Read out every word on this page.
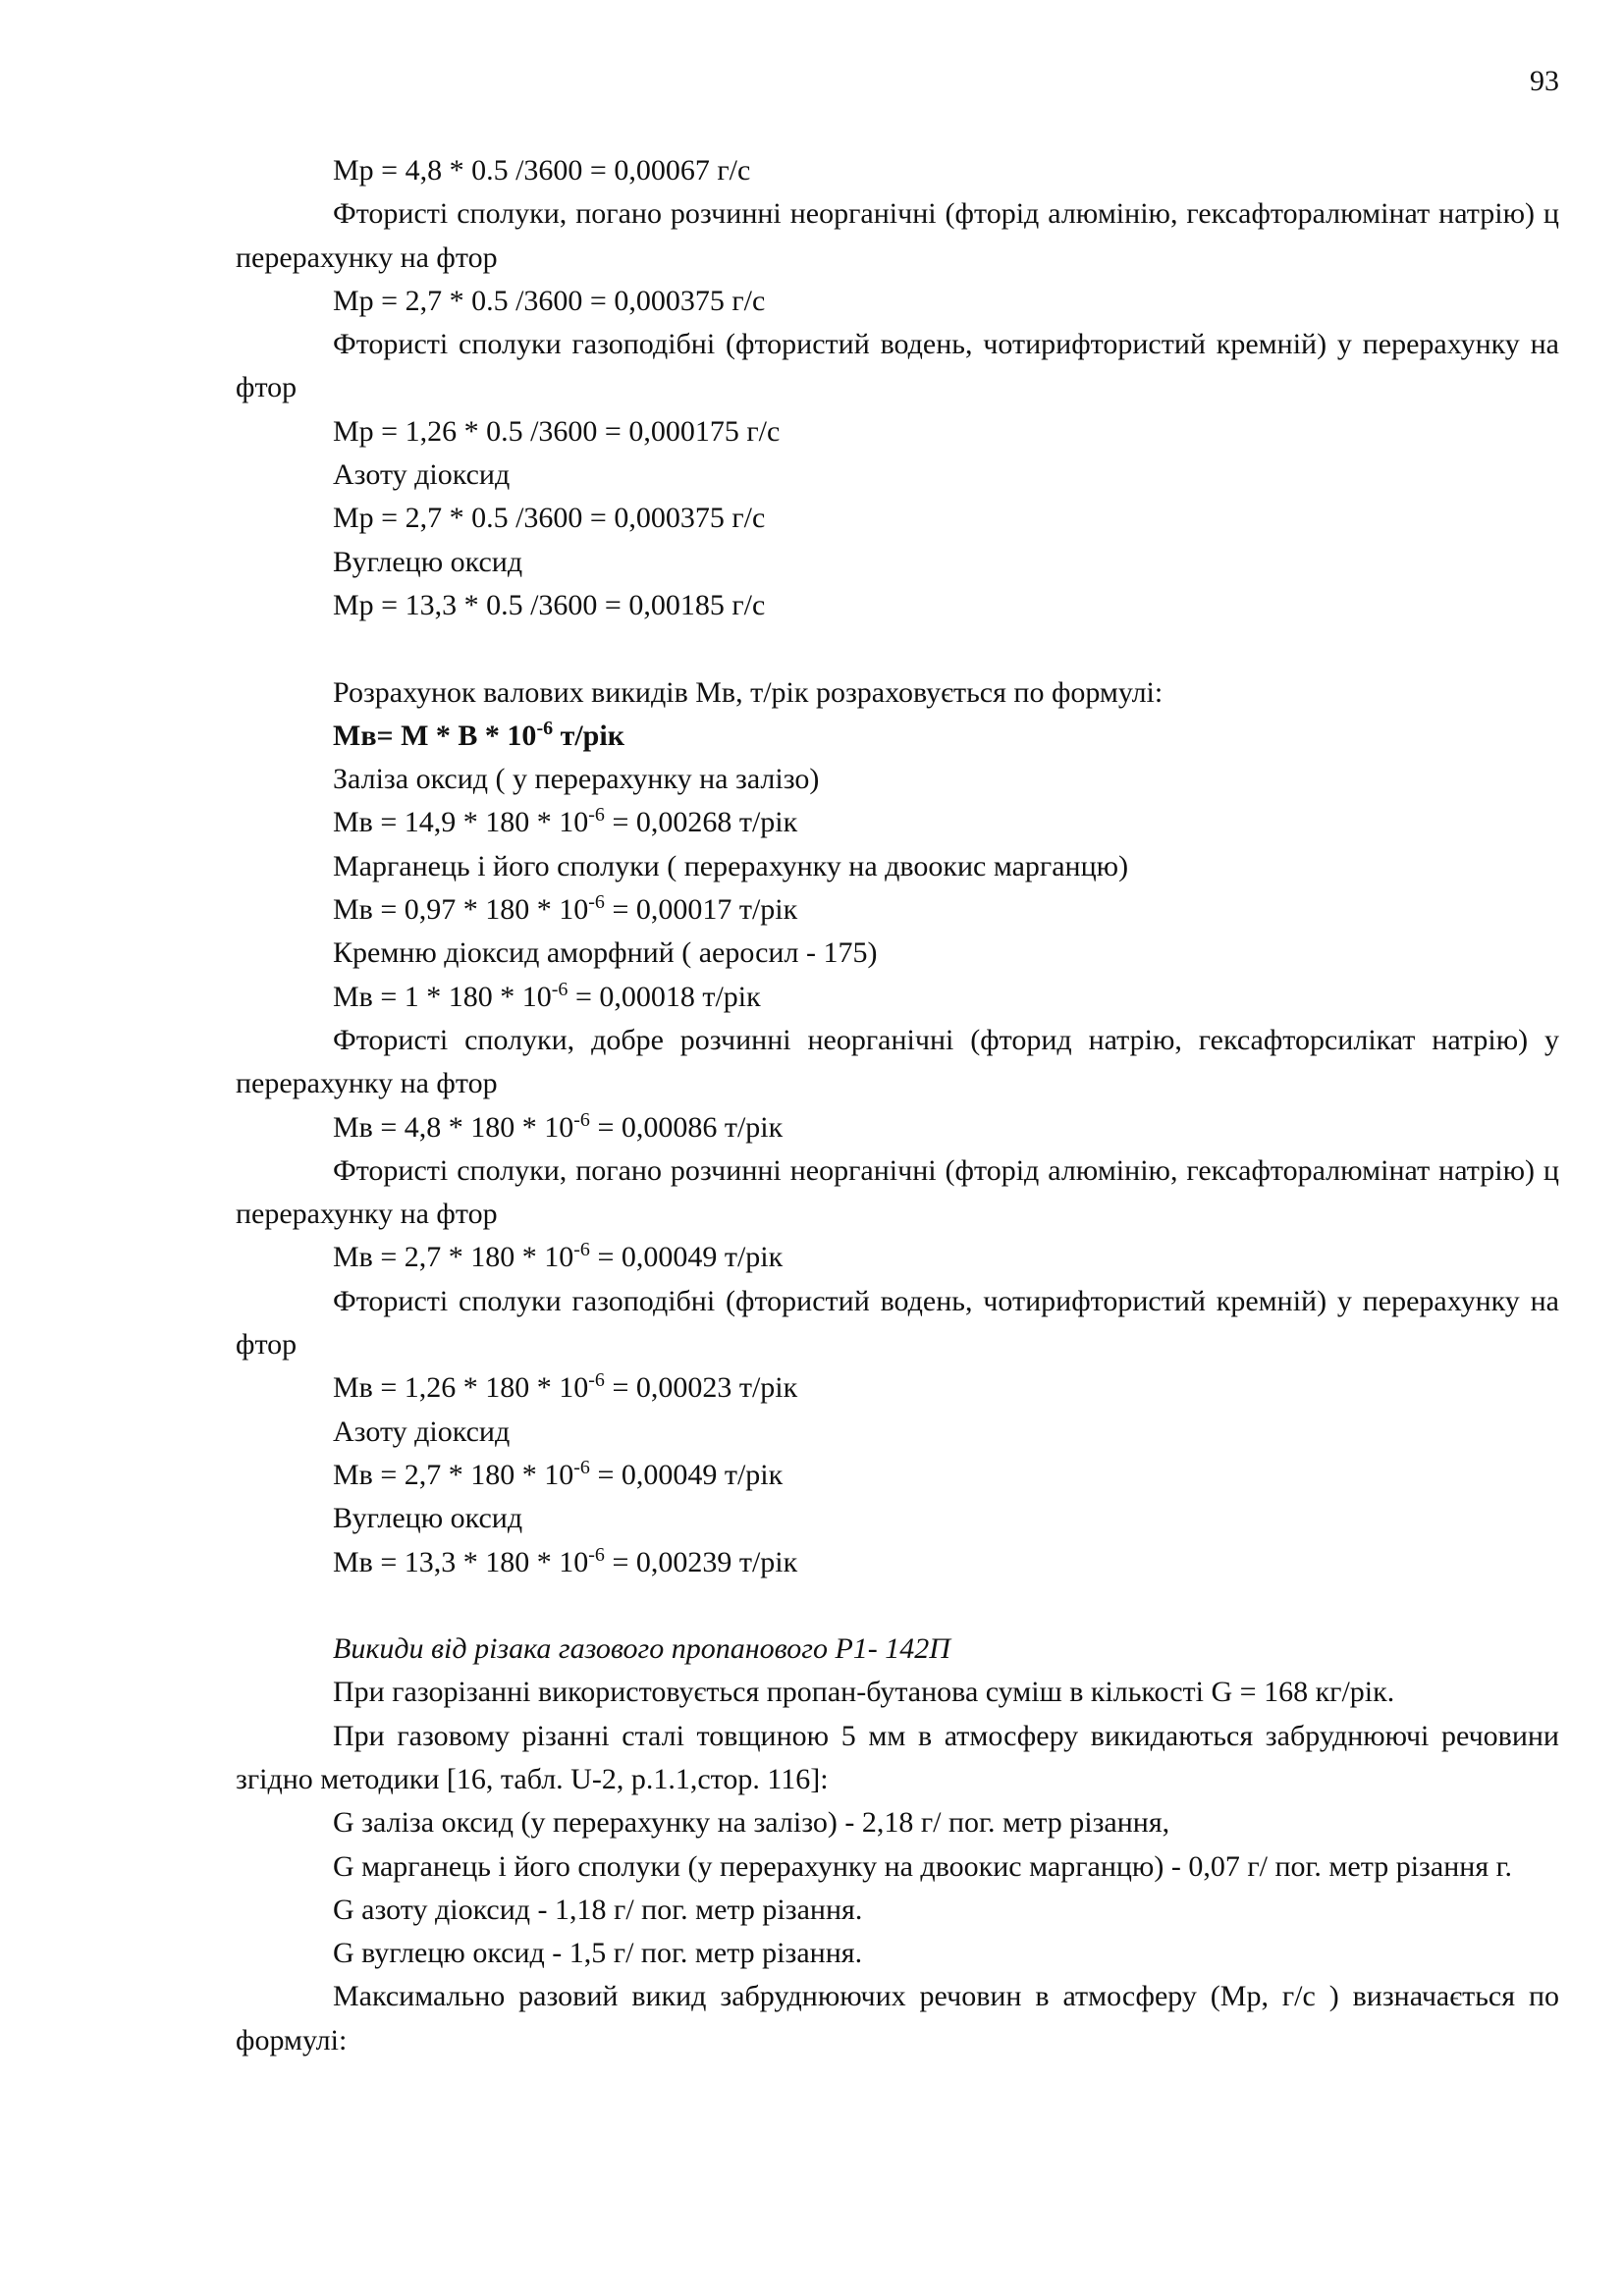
93

Мр = 4,8 * 0.5 /3600 = 0,00067 г/с

Фтористі сполуки, погано розчинні неорганічні (фторід алюмінію, гексафторалюмінат натрію) ц перерахунку на фтор

Мр = 2,7 * 0.5 /3600 = 0,000375 г/с

Фтористі сполуки газоподібні (фтористий водень, чотирифтористий кремній) у перерахунку на фтор

Мр = 1,26 * 0.5 /3600 = 0,000175 г/с

Азоту діоксид

Мр = 2,7 * 0.5 /3600 = 0,000375 г/с

Вуглецю оксид

Мр = 13,3 * 0.5 /3600 = 0,00185 г/с

Розрахунок валових викидів Мв, т/рік розраховується по формулі:

$Мв= М * В * 10^{-6}$ т/рік

Заліза оксид ( у перерахунку на залізо)

Мв = $14,9 * 180 * 10^{-6} = 0,00268$ т/рік

Марганець і його сполуки ( перерахунку на двоокис марганцю)

Мв = $0,97 * 180 * 10^{-6} = 0,00017$ т/рік

Кремню діоксид аморфний ( аеросил - 175)

Мв = $1 * 180 * 10^{-6} = 0,00018$ т/рік

Фтористі сполуки, добре розчинні неорганічні (фторид натрію, гексафторсилікат натрію) у перерахунку на фтор

Мв = $4,8 * 180 * 10^{-6} = 0,00086$ т/рік

Фтористі сполуки, погано розчинні неорганічні (фторід алюмінію, гексафторалюмінат натрію) ц перерахунку на фтор

Мв = $2,7 * 180 * 10^{-6} = 0,00049$ т/рік

Фтористі сполуки газоподібні (фтористий водень, чотирифтористий кремній) у перерахунку на фтор

Мв = $1,26 * 180 * 10^{-6} = 0,00023$ т/рік

Азоту діоксид

Мв = $2,7 * 180 * 10^{-6} = 0,00049$ т/рік

Вуглецю оксид

Мв = $13,3 * 180 * 10^{-6} = 0,00239$ т/рік

Викиди від різака газового пропанового Р1- 142П

При газорізанні використовується пропан-бутанова суміш в кількості G = 168 кг/рік.

При газовому різанні сталі товщиною 5 мм в атмосферу викидаються забруднюючі речовини згідно методики [16, табл. U-2, р.1.1,стор. 116]:

G заліза оксид (у перерахунку на залізо) - 2,18 г/ пог. метр різання,

G марганець і його сполуки (у перерахунку на двоокис марганцю) - 0,07 г/ пог. метр різання г.

G азоту діоксид - 1,18 г/ пог. метр різання.

G вуглецю оксид - 1,5 г/ пог. метр різання.

Максимально разовий викид забруднюючих речовин в атмосферу (Мр, г/с ) визначається по формулі:
